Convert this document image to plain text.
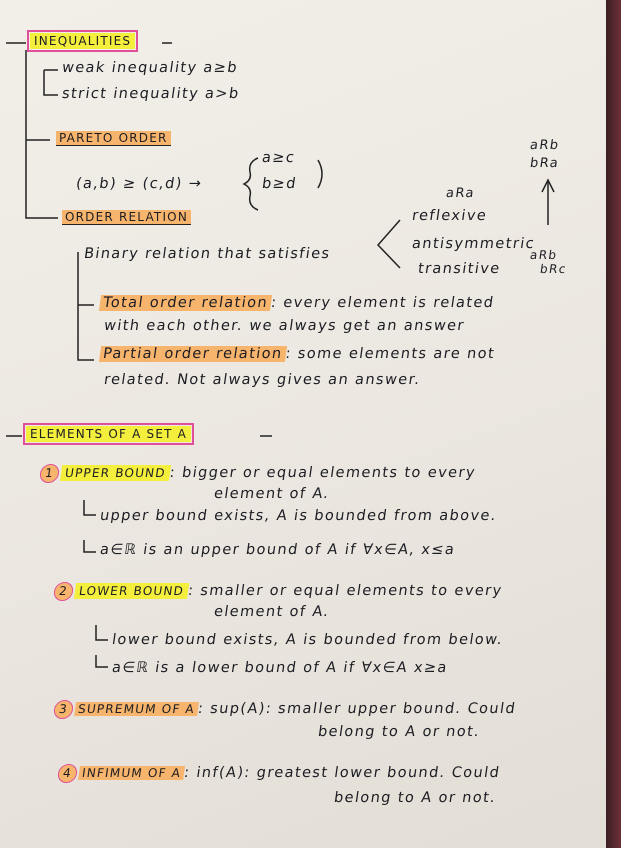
INEQUALITIES
weak inequality a≥b
strict inequality a>b
PARETO ORDER
(a,b) ≥ (c,d) →
a≥c
b≥d
aRb
bRa
ORDER RELATION
aRa
reflexive
antisymmetric
aRb
transitive	bRc
Binary relation that satisfies
Total order relation: every element is related
with each other. we always get an answer
Partial order relation: some elements are not
related. Not always gives an answer.
ELEMENTS OF A SET A
1 UPPER BOUND : bigger or equal elements to every
element of A.
upper bound exists, A is bounded from above.
a∈ℝ is an upper bound of A if ∀x∈A, x≤a
2 LOWER BOUND : smaller or equal elements to every
element of A.
lower bound exists, A is bounded from below.
a∈ℝ is a lower bound of A if ∀x∈A x≥a
3 SUPREMUM OF A: sup(A): smaller upper bound. Could
belong to A or not.
4 INFIMUM OF A: inf(A): greatest lower bound. Could
belong to A or not.
